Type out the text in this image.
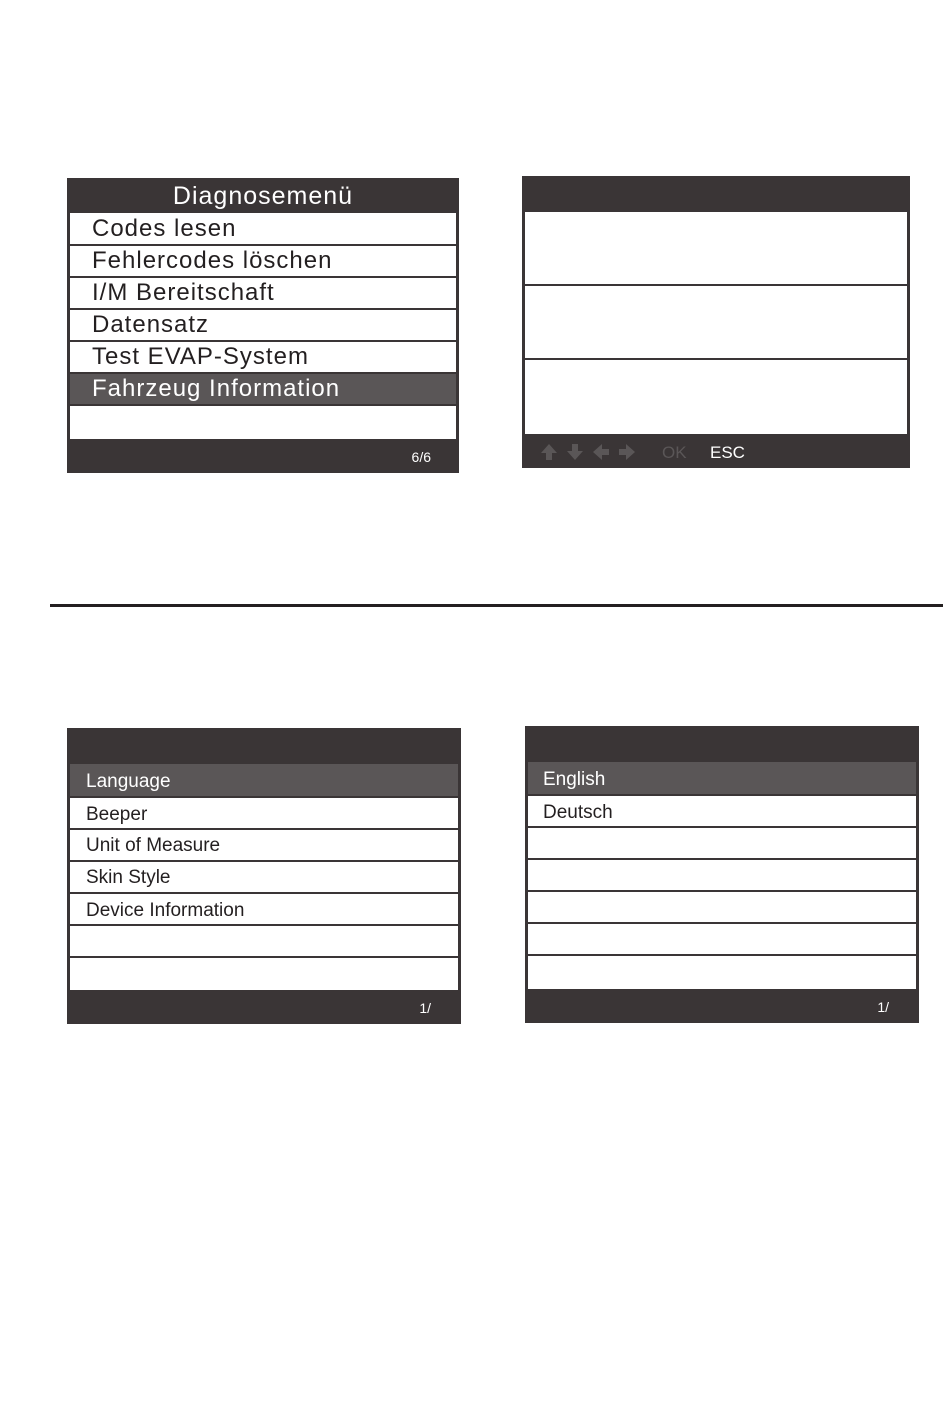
Diagnosemenü
Codes lesen
Fehlercodes löschen
I/M Bereitschaft
Datensatz
Test EVAP-System
Fahrzeug Information
6/6	OK ESC
Language
Beeper
Unit of Measure
Skin Style
Device Information
1/
English
Deutsch
1/
